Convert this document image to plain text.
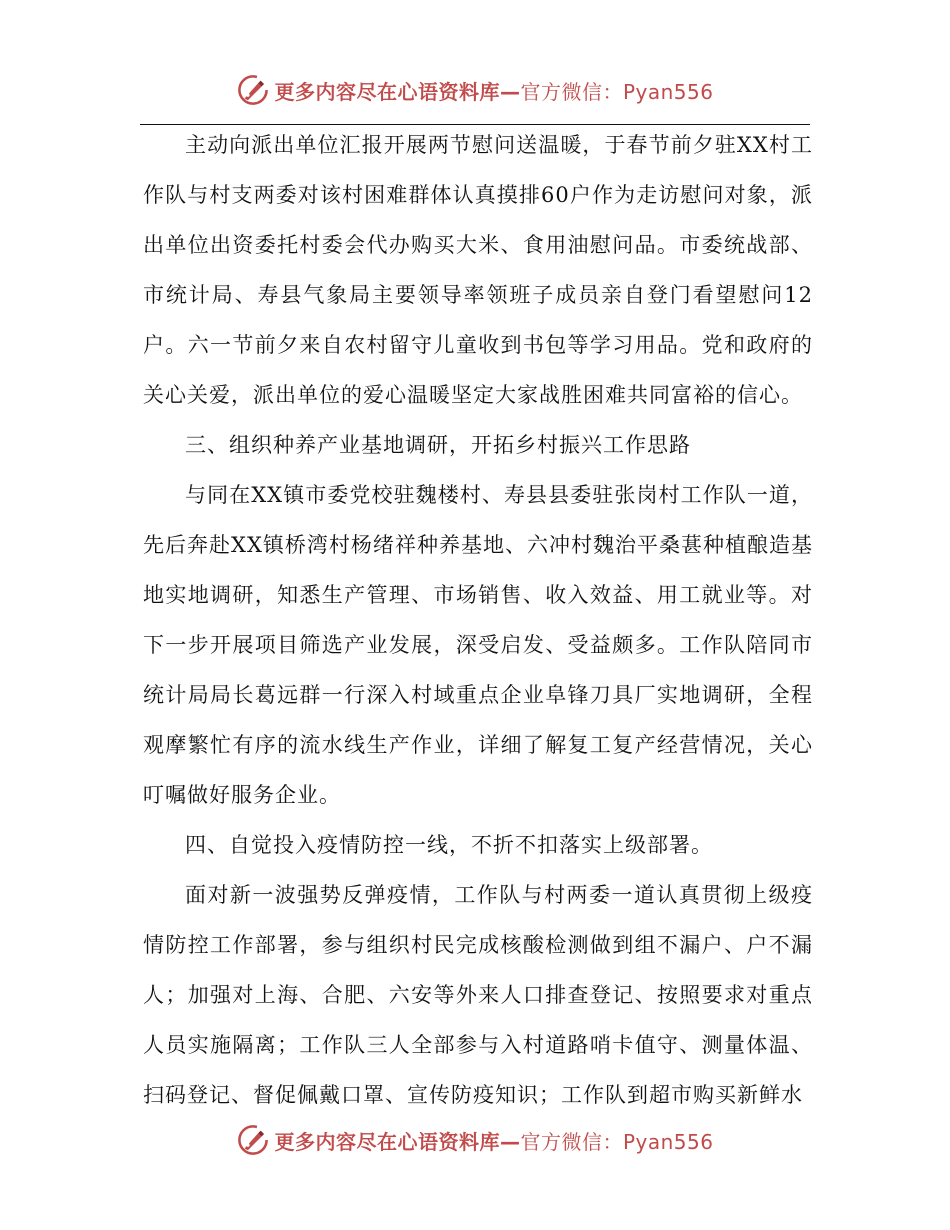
更多内容尽在心语资料库—官方微信：Pyan556

主动向派出单位汇报开展两节慰问送温暖，于春节前夕驻XX村工作队与村支两委对该村困难群体认真摸排60户作为走访慰问对象，派出单位出资委托村委会代办购买大米、食用油慰问品。市委统战部、市统计局、寿县气象局主要领导率领班子成员亲自登门看望慰问12户。六一节前夕来自农村留守儿童收到书包等学习用品。党和政府的关心关爱，派出单位的爱心温暖坚定大家战胜困难共同富裕的信心。

三、组织种养产业基地调研，开拓乡村振兴工作思路

与同在XX镇市委党校驻魏楼村、寿县县委驻张岗村工作队一道，先后奔赴XX镇桥湾村杨绪祥种养基地、六冲村魏治平桑葚种植酿造基地实地调研，知悉生产管理、市场销售、收入效益、用工就业等。对下一步开展项目筛选产业发展，深受启发、受益颇多。工作队陪同市统计局局长葛远群一行深入村域重点企业阜锋刀具厂实地调研，全程观摩繁忙有序的流水线生产作业，详细了解复工复产经营情况，关心叮嘱做好服务企业。

四、自觉投入疫情防控一线，不折不扣落实上级部署。

面对新一波强势反弹疫情，工作队与村两委一道认真贯彻上级疫情防控工作部署，参与组织村民完成核酸检测做到组不漏户、户不漏人；加强对上海、合肥、六安等外来人口排查登记、按照要求对重点人员实施隔离；工作队三人全部参与入村道路哨卡值守、测量体温、扫码登记、督促佩戴口罩、宣传防疫知识；工作队到超市购买新鲜水

更多内容尽在心语资料库—官方微信：Pyan556
